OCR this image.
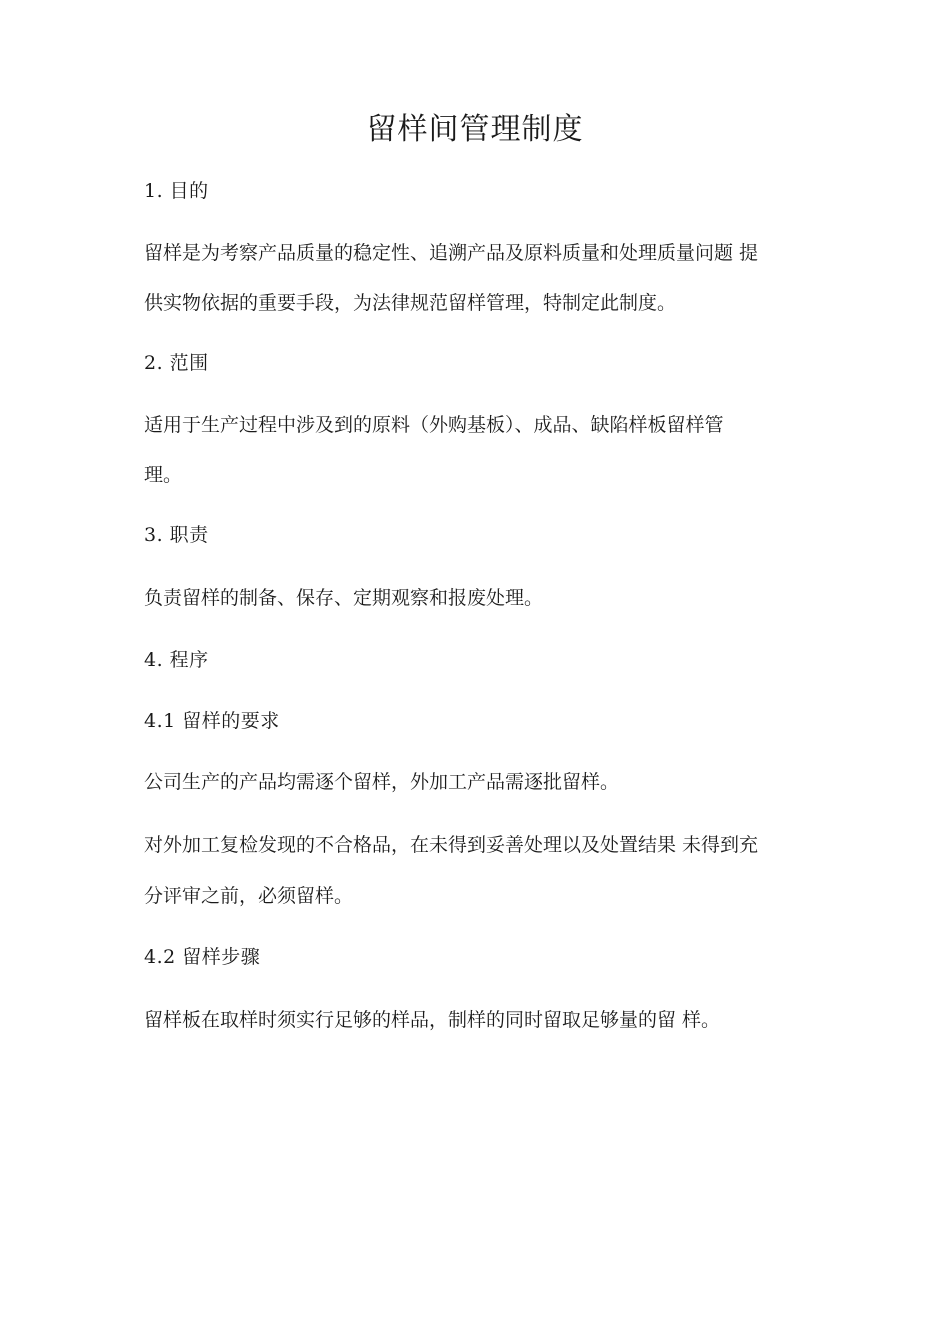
留样间管理制度
1. 目的
留样是为考察产品质量的稳定性、追溯产品及原料质量和处理质量问题 提
供实物依据的重要手段，为法律规范留样管理，特制定此制度。
2. 范围
适用于生产过程中涉及到的原料（外购基板）、成品、缺陷样板留样管
理。
3. 职责
负责留样的制备、保存、定期观察和报废处理。
4. 程序
4.1 留样的要求
公司生产的产品均需逐个留样，外加工产品需逐批留样。
对外加工复检发现的不合格品，在未得到妥善处理以及处置结果 未得到充
分评审之前，必须留样。
4.2 留样步骤
留样板在取样时须实行足够的样品，制样的同时留取足够量的留 样。
